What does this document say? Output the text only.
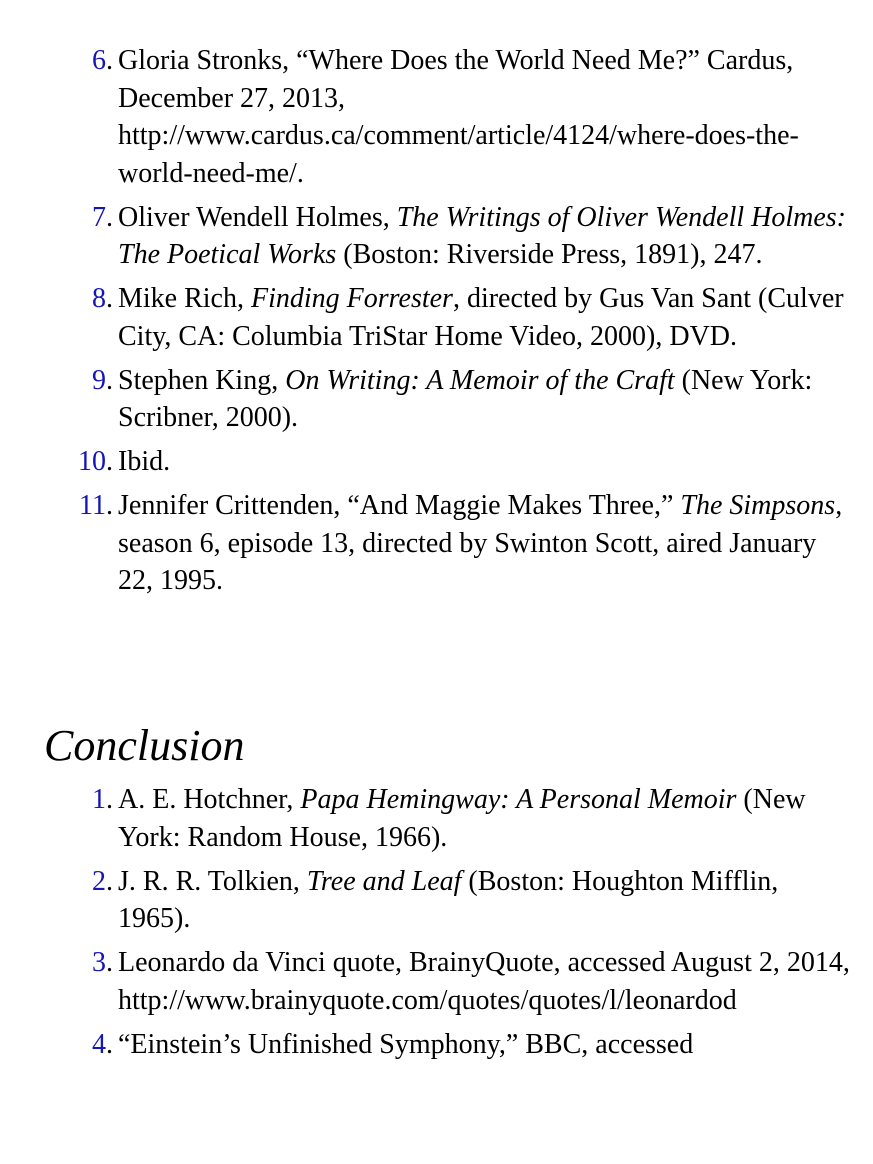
6 . Gloria Stronks, “Where Does the World Need Me?” Cardus, December 27, 2013, http://www.cardus.ca/comment/article/4124/where-does-the-world-need-me/.
7 . Oliver Wendell Holmes, The Writings of Oliver Wendell Holmes: The Poetical Works (Boston: Riverside Press, 1891), 247.
8 . Mike Rich, Finding Forrester, directed by Gus Van Sant (Culver City, CA: Columbia TriStar Home Video, 2000), DVD.
9 . Stephen King, On Writing: A Memoir of the Craft (New York: Scribner, 2000).
10 . Ibid.
11 . Jennifer Crittenden, “And Maggie Makes Three,” The Simpsons, season 6, episode 13, directed by Swinton Scott, aired January 22, 1995.
Conclusion
1 . A. E. Hotchner, Papa Hemingway: A Personal Memoir (New York: Random House, 1966).
2 . J. R. R. Tolkien, Tree and Leaf (Boston: Houghton Mifflin, 1965).
3 . Leonardo da Vinci quote, BrainyQuote, accessed August 2, 2014,
http://www.brainyquote.com/quotes/quotes/l/leonardod
4 . “Einstein’s Unfinished Symphony,” BBC, accessed
